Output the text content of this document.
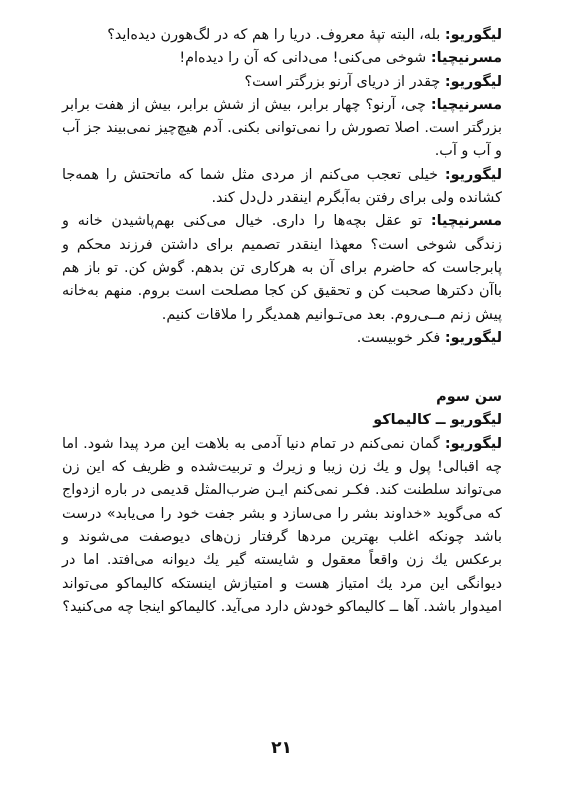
لیگوریو: بله، البته تپهٔ معروف. دریا را هم که در لگ‌هورن دیده‌اید؟

مسرنیچیا: شوخی می‌کنی! می‌دانی که آن را دیده‌ام!

لیگوریو: چقدر از دریای آرنو بزرگتر است؟

مسرنیچیا: چی، آرنو؟ چهار برابر، بیش از شش برابر، بیش از هفت برابر بزرگتر است. اصلا تصورش را نمی‌توانی بکنی. آدم هیچ‌چیز نمی‌بیند جز آب و آب و آب.

لیگوریو: خیلی تعجب می‌کنم از مردی مثل شما که ماتحتش را همه‌جا کشانده ولی برای رفتن به‌آبگرم اینقدر دل‌دل کند.

مسرنیچیا: تو عقل بچه‌ها را داری. خیال می‌کنی بهم‌پاشیدن خانه و زندگی شوخی است؟ معهذا اینقدر تصمیم برای داشتن فرزند محکم و پابرجاست که حاضرم برای آن به هرکاری تن بدهم. گوش کن. تو باز هم باآن دکترها صحبت کن و تحقیق کن کجا مصلحت است بروم. منهم به‌خانه پیش زنم مــی‌روم. بعد می‌تـوانیم همدیگر را ملاقات کنیم.

لیگوریو: فکر خوبیست.

سن سوم

لیگوریو ــ کالیماکو

لیگوریو: گمان نمی‌کنم در تمام دنیا آدمی به بلاهت این مرد پیدا شود. اما چه اقبالی! پول و یك زن زیبا و زیرك و تربیت‌شده و ظریف كه این زن می‌تواند سلطنت كند. فكـر نمی‌كنم ایـن ضرب‌المثل قدیمی در باره ازدواج كه می‌گوید «خداوند بشر را می‌سازد و بشر جفت خود را می‌یابد» درست باشد چونكه اغلب بهترین مردها گرفتار زن‌های دیوصفت می‌شوند و برعكس یك زن واقعاً معقول و شایسته گیر یك دیوانه می‌افتد. اما در دیوانگی این مرد یك امتیاز هست و امتیازش اینستكه كالیماكو می‌تواند امیدوار باشد. آها ــ كالیماكو خودش دارد می‌آید. كالیماكو اینجا چه می‌كنید؟

۲۱
